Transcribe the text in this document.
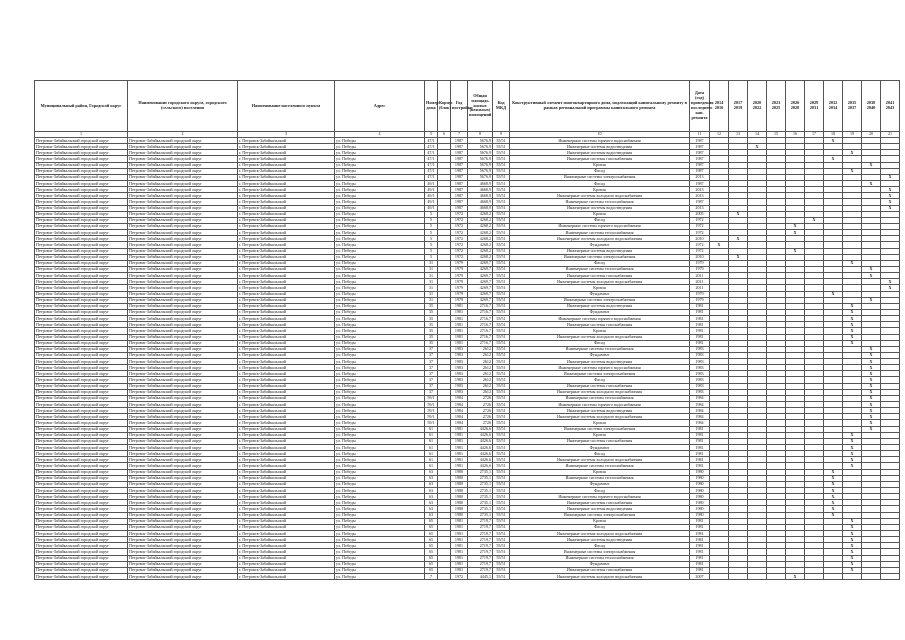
Муниципальный район, Городской округ	Наименование городского округа, городского (сельского) поселения	Наименование населенного пункта	Адрес	Номер дома	Корпус (блок)	Год постройки	Общая площадь жилых (нежилых) помещений	Код МКД	Конструктивный элемент многоквартирного дома, подлежащий капитальному ремонту в рамках региональной программы капитального ремонта	Дата (год) проведения последнего кап. ремонта	2014 2016	2017 2019	2020 2022	2023 2025	2026 2028	2029 2031	2032 2034	2035 2037	2038 2040	2041 2043
1	2	3	4	5	6	7	8	9	10	11	12	13	14	15	16	17	18	19	20	21
Петровск-Забайкальский городской округ	Петровск-Забайкальский городской округ	г. Петровск-Забайкальский	ул. Победы	47/1		1987	5676,9	55/51	Инженерные системы горячего водоснабжения	1987							Х			
Петровск-Забайкальский городской округ	Петровск-Забайкальский городской округ	г. Петровск-Забайкальский	ул. Победы	47/1		1987	5676,9	55/51	Инженерные системы водоотведения	1987			Х							
Петровск-Забайкальский городской округ	Петровск-Забайкальский городской округ	г. Петровск-Забайкальский	ул. Победы	47/1		1987	5676,9	55/51	Инженерные системы водоотведения	1987								Х		
Петровск-Забайкальский городской округ	Петровск-Забайкальский городской округ	г. Петровск-Забайкальский	ул. Победы	47/1		1987	5676,9	55/51	Инженерные системы газоснабжения	1987							Х			
Петровск-Забайкальский городской округ	Петровск-Забайкальский городской округ	г. Петровск-Забайкальский	ул. Победы	47/1		1987	5676,9	55/51	Кровля	1987									Х	
Петровск-Забайкальский городской округ	Петровск-Забайкальский городской округ	г. Петровск-Забайкальский	ул. Победы	47/1		1987	5676,9	55/51	Фасад	1987								Х		
Петровск-Забайкальский городской округ	Петровск-Забайкальский городской округ	г. Петровск-Забайкальский	ул. Победы	47/1		1987	5676,9	55/51	Инженерные системы электроснабжения	2013										Х
Петровск-Забайкальский городской округ	Петровск-Забайкальский городской округ	г. Петровск-Забайкальский	ул. Победы	49/1		1987	4668,9	55/51	Фасад	1987									Х	
Петровск-Забайкальский городской округ	Петровск-Забайкальский городской округ	г. Петровск-Забайкальский	ул. Победы	49/1		1987	4668,9	55/51	Кровля	2013										Х
Петровск-Забайкальский городской округ	Петровск-Забайкальский городской округ	г. Петровск-Забайкальский	ул. Победы	49/1		1987	4668,9	55/51	Инженерные системы холодного водоснабжения	2013										Х
Петровск-Забайкальский городской округ	Петровск-Забайкальский городской округ	г. Петровск-Забайкальский	ул. Победы	49/1		1987	4668,9	55/51	Инженерные системы теплоснабжения	1987										Х
Петровск-Забайкальский городской округ	Петровск-Забайкальский городской округ	г. Петровск-Забайкальский	ул. Победы	49/1		1987	4668,9	55/51	Инженерные системы водоотведения	2013										Х
Петровск-Забайкальский городской округ	Петровск-Забайкальский городской округ	г. Петровск-Забайкальский	ул. Победы	5		1972	4268,2	55/51	Кровля	2005		Х								
Петровск-Забайкальский городской округ	Петровск-Забайкальский городской округ	г. Петровск-Забайкальский	ул. Победы	5		1972	4268,2	55/51	Фасад	1972						Х				
Петровск-Забайкальский городской округ	Петровск-Забайкальский городской округ	г. Петровск-Забайкальский	ул. Победы	5		1972	4268,2	55/51	Инженерные системы горячего водоснабжения	1972					Х					
Петровск-Забайкальский городской округ	Петровск-Забайкальский городской округ	г. Петровск-Забайкальский	ул. Победы	5		1972	4268,2	55/51	Инженерные системы теплоснабжения	1972					Х					
Петровск-Забайкальский городской округ	Петровск-Забайкальский городской округ	г. Петровск-Забайкальский	ул. Победы	5		1972	4268,2	55/51	Инженерные системы холодного водоснабжения	2010		Х								
Петровск-Забайкальский городской округ	Петровск-Забайкальский городской округ	г. Петровск-Забайкальский	ул. Победы	5		1972	4268,2	55/51	Фундамент	1972	Х									
Петровск-Забайкальский городской округ	Петровск-Забайкальский городской округ	г. Петровск-Забайкальский	ул. Победы	5		1972	4268,2	55/51	Инженерные системы водоотведения	1972					Х					
Петровск-Забайкальский городской округ	Петровск-Забайкальский городской округ	г. Петровск-Забайкальский	ул. Победы	5		1972	4268,2	55/51	Инженерные системы электроснабжения	2010		Х								
Петровск-Забайкальский городской округ	Петровск-Забайкальский городской округ	г. Петровск-Забайкальский	ул. Победы	31		1979	4269,7	55/51	Фасад	1979								Х		
Петровск-Забайкальский городской округ	Петровск-Забайкальский городской округ	г. Петровск-Забайкальский	ул. Победы	31		1979	4269,7	55/51	Инженерные системы теплоснабжения	1979									Х	
Петровск-Забайкальский городской округ	Петровск-Забайкальский городской округ	г. Петровск-Забайкальский	ул. Победы	31		1979	4269,7	55/51	Инженерные системы газоснабжения	2011									Х	
Петровск-Забайкальский городской округ	Петровск-Забайкальский городской округ	г. Петровск-Забайкальский	ул. Победы	31		1979	4269,7	55/51	Инженерные системы холодного водоснабжения	2011										Х
Петровск-Забайкальский городской округ	Петровск-Забайкальский городской округ	г. Петровск-Забайкальский	ул. Победы	31		1979	4269,7	55/51	Кровля	2011										Х
Петровск-Забайкальский городской округ	Петровск-Забайкальский городской округ	г. Петровск-Забайкальский	ул. Победы	31		1979	4269,7	55/51	Фундамент	1979							Х			
Петровск-Забайкальский городской округ	Петровск-Забайкальский городской округ	г. Петровск-Забайкальский	ул. Победы	31		1979	4269,7	55/51	Инженерные системы электроснабжения	1979									Х	
Петровск-Забайкальский городской округ	Петровск-Забайкальский городской округ	г. Петровск-Забайкальский	ул. Победы	35		1981	2716,7	55/51	Инженерные системы водоотведения	1981								Х		
Петровск-Забайкальский городской округ	Петровск-Забайкальский городской округ	г. Петровск-Забайкальский	ул. Победы	35		1981	2716,7	55/51	Фундамент	1981								Х		
Петровск-Забайкальский городской округ	Петровск-Забайкальский городской округ	г. Петровск-Забайкальский	ул. Победы	35		1981	2716,7	55/51	Инженерные системы горячего водоснабжения	1981								Х		
Петровск-Забайкальский городской округ	Петровск-Забайкальский городской округ	г. Петровск-Забайкальский	ул. Победы	35		1981	2716,7	55/51	Инженерные системы газоснабжения	1981								Х		
Петровск-Забайкальский городской округ	Петровск-Забайкальский городской округ	г. Петровск-Забайкальский	ул. Победы	35		1981	2716,7	55/51	Кровля	1981								Х		
Петровск-Забайкальский городской округ	Петровск-Забайкальский городской округ	г. Петровск-Забайкальский	ул. Победы	35		1981	2716,7	55/51	Инженерные системы холодного водоснабжения	1981								Х		
Петровск-Забайкальский городской округ	Петровск-Забайкальский городской округ	г. Петровск-Забайкальский	ул. Победы	35		1981	2716,7	55/51	Фасад	1981								Х		
Петровск-Забайкальский городской округ	Петровск-Забайкальский городской округ	г. Петровск-Забайкальский	ул. Победы	37		1983	2612	55/51	Инженерные системы теплоснабжения	1983									Х	
Петровск-Забайкальский городской округ	Петровск-Забайкальский городской округ	г. Петровск-Забайкальский	ул. Победы	37		1983	2612	55/51	Фундамент	1983									Х	
Петровск-Забайкальский городской округ	Петровск-Забайкальский городской округ	г. Петровск-Забайкальский	ул. Победы	37		1983	2612	55/51	Инженерные системы водоотведения	1983									Х	
Петровск-Забайкальский городской округ	Петровск-Забайкальский городской округ	г. Петровск-Забайкальский	ул. Победы	37		1983	2612	55/51	Инженерные системы горячего водоснабжения	1983									Х	
Петровск-Забайкальский городской округ	Петровск-Забайкальский городской округ	г. Петровск-Забайкальский	ул. Победы	37		1983	2612	55/51	Инженерные системы электроснабжения	1983									Х	
Петровск-Забайкальский городской округ	Петровск-Забайкальский городской округ	г. Петровск-Забайкальский	ул. Победы	37		1983	2612	55/51	Фасад	1983									Х	
Петровск-Забайкальский городской округ	Петровск-Забайкальский городской округ	г. Петровск-Забайкальский	ул. Победы	37		1983	2612	55/51	Инженерные системы газоснабжения	1983									Х	
Петровск-Забайкальский городской округ	Петровск-Забайкальский городской округ	г. Петровск-Забайкальский	ул. Победы	37		1983	2612	55/51	Инженерные системы холодного водоснабжения	1983									Х	
Петровск-Забайкальский городской округ	Петровск-Забайкальский городской округ	г. Петровск-Забайкальский	ул. Победы	59/1		1984	2726	55/51	Инженерные системы теплоснабжения	1984									Х	
Петровск-Забайкальский городской округ	Петровск-Забайкальский городской округ	г. Петровск-Забайкальский	ул. Победы	59/1		1984	2726	55/51	Инженерные системы горячего водоснабжения	1984									Х	
Петровск-Забайкальский городской округ	Петровск-Забайкальский городской округ	г. Петровск-Забайкальский	ул. Победы	59/1		1984	2726	55/51	Инженерные системы водоотведения	1984									Х	
Петровск-Забайкальский городской округ	Петровск-Забайкальский городской округ	г. Петровск-Забайкальский	ул. Победы	59/1		1984	2726	55/51	Инженерные системы холодного водоснабжения	1984									Х	
Петровск-Забайкальский городской округ	Петровск-Забайкальский городской округ	г. Петровск-Забайкальский	ул. Победы	59/1		1984	2726	55/51	Кровля	1984									Х	
Петровск-Забайкальский городской округ	Петровск-Забайкальский городской округ	г. Петровск-Забайкальский	ул. Победы	61		1981	4426,6	55/51	Инженерные системы электроснабжения	1981									Х	
Петровск-Забайкальский городской округ	Петровск-Забайкальский городской округ	г. Петровск-Забайкальский	ул. Победы	61		1981	4426,6	55/51	Кровля	1981								Х		
Петровск-Забайкальский городской округ	Петровск-Забайкальский городской округ	г. Петровск-Забайкальский	ул. Победы	61		1981	4426,6	55/51	Инженерные системы газоснабжения	1981								Х		
Петровск-Забайкальский городской округ	Петровск-Забайкальский городской округ	г. Петровск-Забайкальский	ул. Победы	61		1981	4426,6	55/51	Фундамент	1981								Х		
Петровск-Забайкальский городской округ	Петровск-Забайкальский городской округ	г. Петровск-Забайкальский	ул. Победы	61		1981	4426,6	55/51	Фасад	1981								Х		
Петровск-Забайкальский городской округ	Петровск-Забайкальский городской округ	г. Петровск-Забайкальский	ул. Победы	61		1981	4426,6	55/51	Инженерные системы холодного водоснабжения	1981								Х		
Петровск-Забайкальский городской округ	Петровск-Забайкальский городской округ	г. Петровск-Забайкальский	ул. Победы	61		1981	4426,6	55/51	Инженерные системы теплоснабжения	1981								Х		
Петровск-Забайкальский городской округ	Петровск-Забайкальский городской округ	г. Петровск-Забайкальский	ул. Победы	63		1980	2735,1	55/51	Кровля	1980							Х			
Петровск-Забайкальский городской округ	Петровск-Забайкальский городской округ	г. Петровск-Забайкальский	ул. Победы	63		1980	2735,1	55/51	Инженерные системы теплоснабжения	1980							Х			
Петровск-Забайкальский городской округ	Петровск-Забайкальский городской округ	г. Петровск-Забайкальский	ул. Победы	63		1980	2735,1	55/51	Фундамент	1980							Х			
Петровск-Забайкальский городской округ	Петровск-Забайкальский городской округ	г. Петровск-Забайкальский	ул. Победы	63		1980	2735,1	55/51	Фасад	1980							Х			
Петровск-Забайкальский городской округ	Петровск-Забайкальский городской округ	г. Петровск-Забайкальский	ул. Победы	63		1980	2735,1	55/51	Инженерные системы горячего водоснабжения	1980							Х			
Петровск-Забайкальский городской округ	Петровск-Забайкальский городской округ	г. Петровск-Забайкальский	ул. Победы	63		1980	2735,1	55/51	Инженерные системы газоснабжения	1980							Х			
Петровск-Забайкальский городской округ	Петровск-Забайкальский городской округ	г. Петровск-Забайкальский	ул. Победы	63		1980	2735,1	55/51	Инженерные системы водоотведения	1980							Х			
Петровск-Забайкальский городской округ	Петровск-Забайкальский городской округ	г. Петровск-Забайкальский	ул. Победы	63		1980	2735,1	55/51	Инженерные системы электроснабжения	1980							Х			
Петровск-Забайкальский городской округ	Петровск-Забайкальский городской округ	г. Петровск-Забайкальский	ул. Победы	65		1981	2719,7	55/51	Кровля	1981								Х		
Петровск-Забайкальский городской округ	Петровск-Забайкальский городской округ	г. Петровск-Забайкальский	ул. Победы	65		1981	2719,7	55/51	Фасад	1981								Х		
Петровск-Забайкальский городской округ	Петровск-Забайкальский городской округ	г. Петровск-Забайкальский	ул. Победы	65		1981	2719,7	55/51	Инженерные системы холодного водоснабжения	1981								Х		
Петровск-Забайкальский городской округ	Петровск-Забайкальский городской округ	г. Петровск-Забайкальский	ул. Победы	65		1981	2719,7	55/51	Инженерные системы водоотведения	1981								Х		
Петровск-Забайкальский городской округ	Петровск-Забайкальский городской округ	г. Петровск-Забайкальский	ул. Победы	65		1981	2719,7	55/51	Фасад	1981								Х		
Петровск-Забайкальский городской округ	Петровск-Забайкальский городской округ	г. Петровск-Забайкальский	ул. Победы	65		1981	2719,7	55/51	Инженерные системы электроснабжения	1981								Х		
Петровск-Забайкальский городской округ	Петровск-Забайкальский городской округ	г. Петровск-Забайкальский	ул. Победы	65		1981	2719,7	55/51	Инженерные системы теплоснабжения	1981								Х		
Петровск-Забайкальский городской округ	Петровск-Забайкальский городской округ	г. Петровск-Забайкальский	ул. Победы	65		1981	2719,7	55/51	Фундамент	1981								Х		
Петровск-Забайкальский городской округ	Петровск-Забайкальский городской округ	г. Петровск-Забайкальский	ул. Победы	65		1981	2719,7	55/51	Инженерные системы газоснабжения	1981								Х		
Петровск-Забайкальский городской округ	Петровск-Забайкальский городской округ	г. Петровск-Забайкальский	ул. Победы	7		1972	4445,1	55/51	Инженерные системы холодного водоснабжения	2007					Х					
